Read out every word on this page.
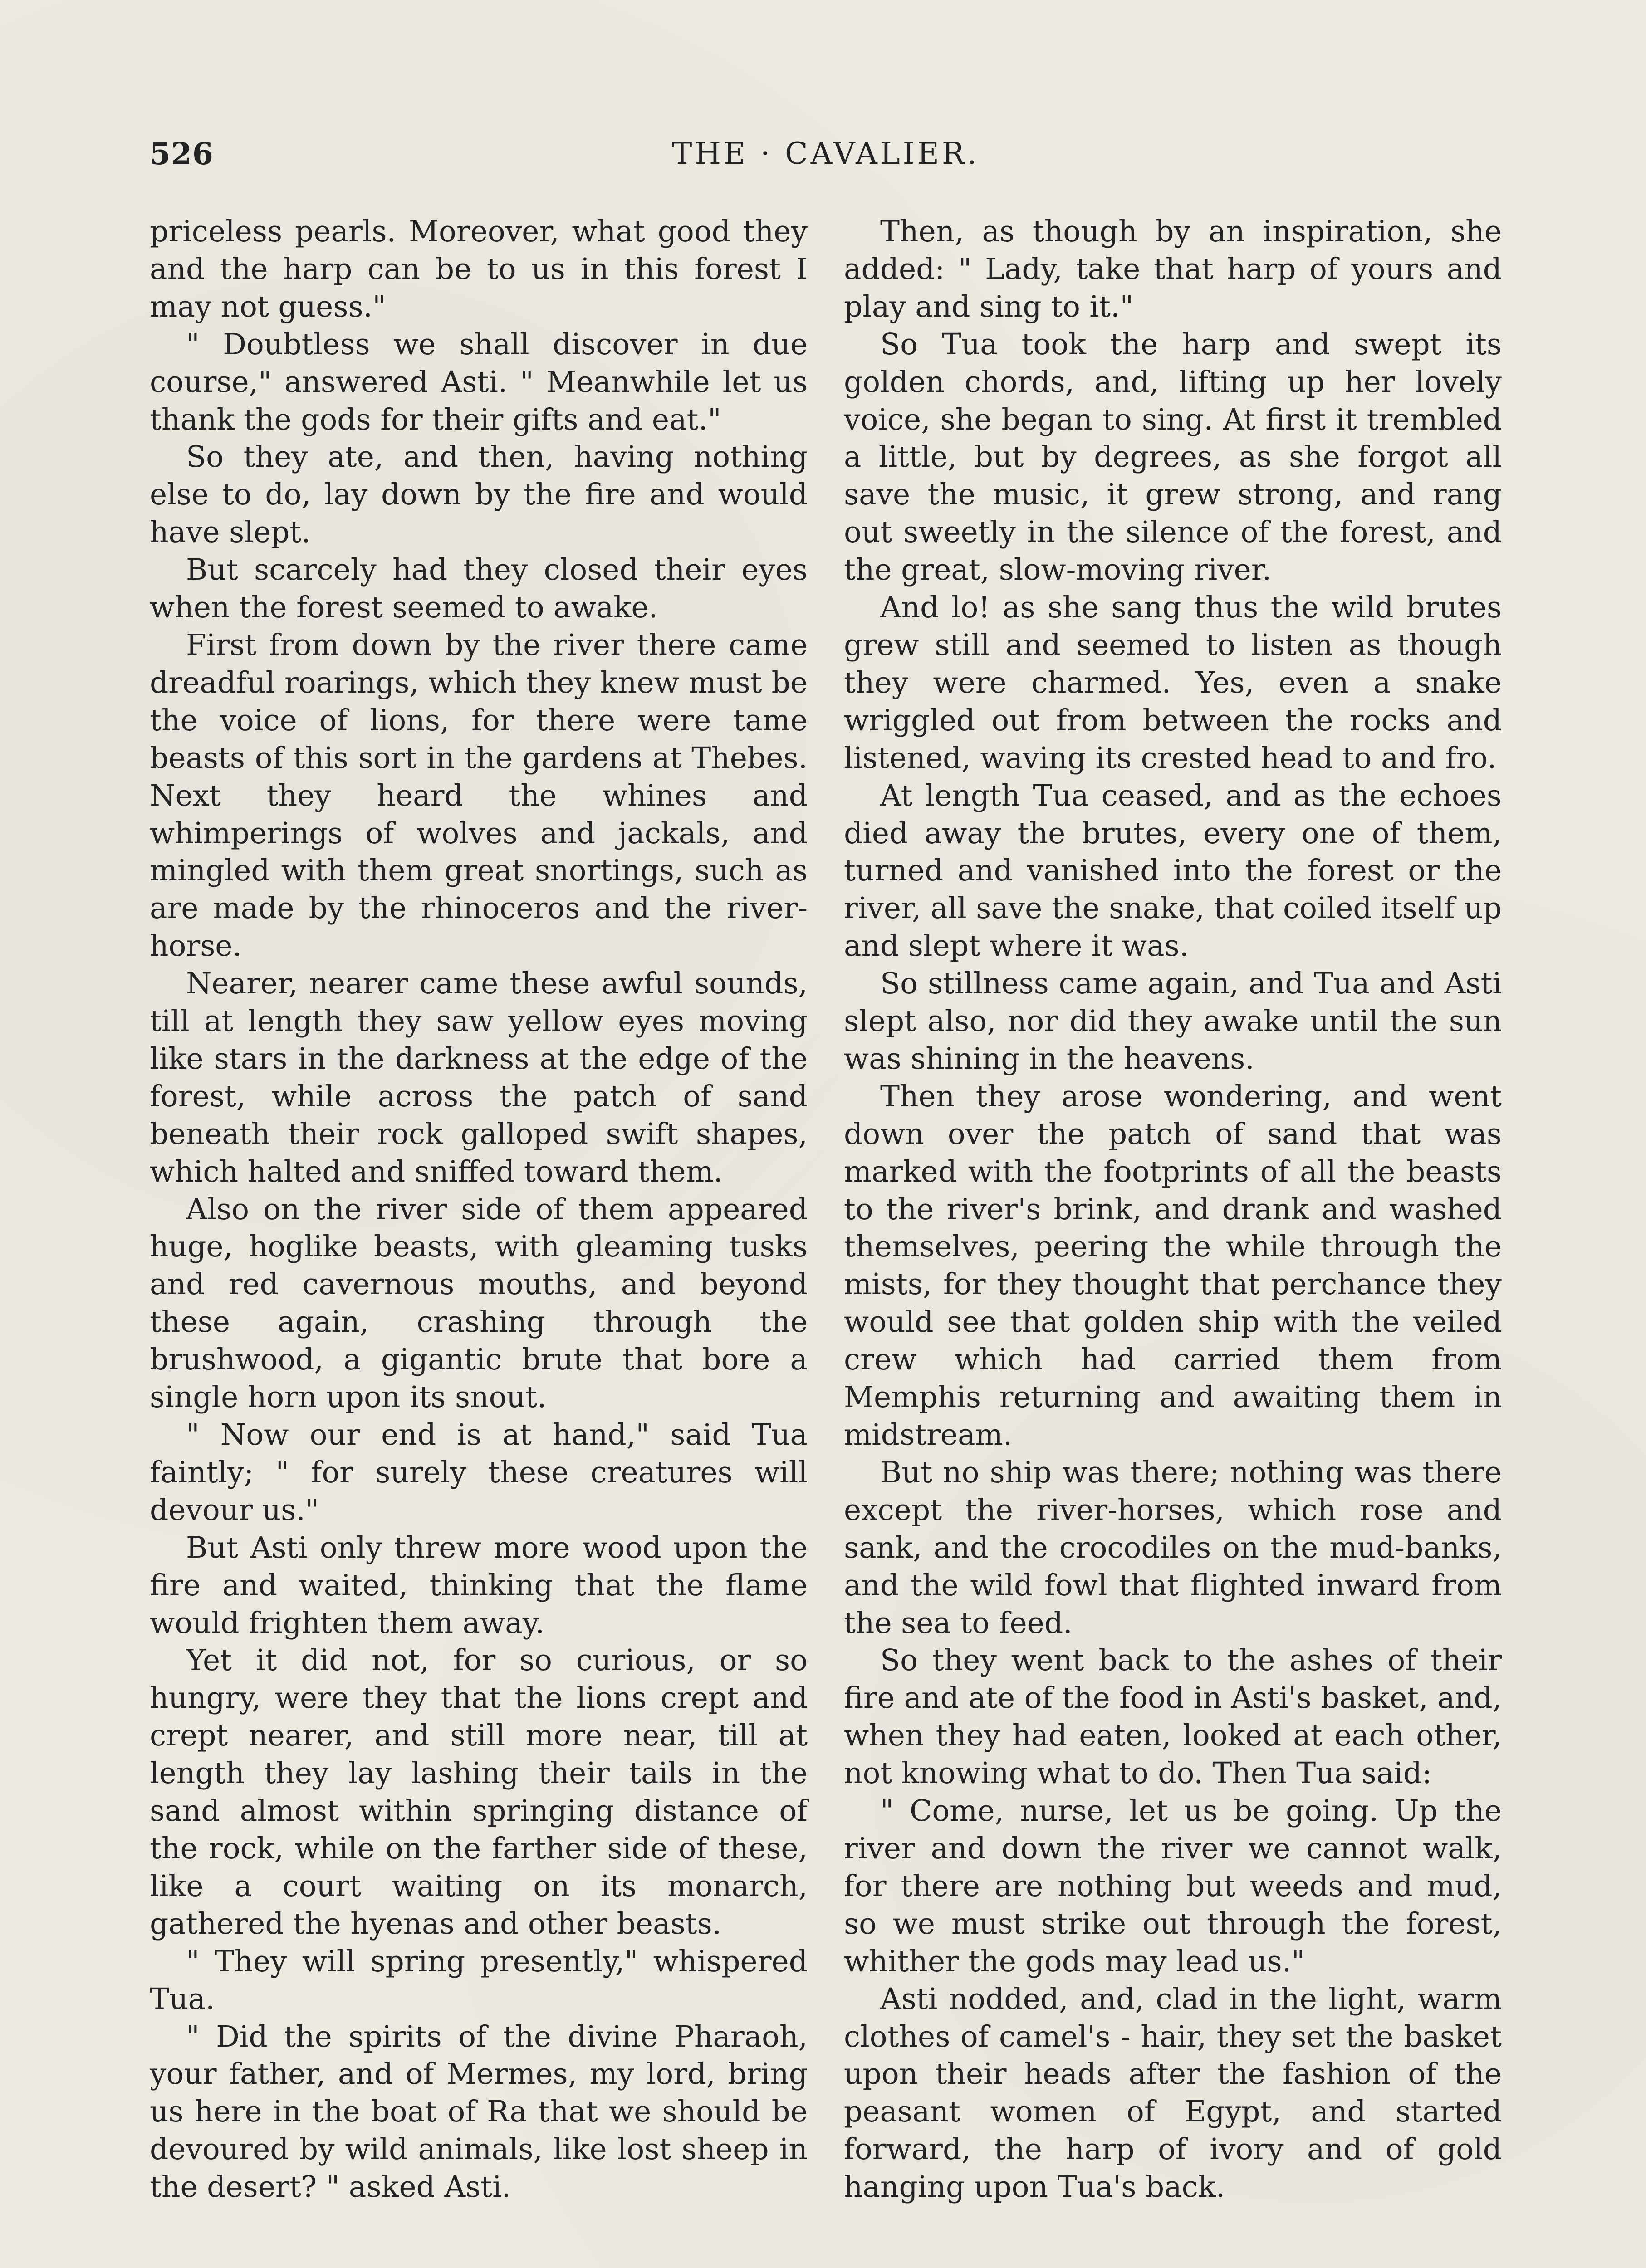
THE · CAVALIER.
526

priceless pearls. Moreover, what good they and the harp can be to us in this forest I may not guess."

" Doubtless we shall discover in due course," answered Asti. " Meanwhile let us thank the gods for their gifts and eat."

So they ate, and then, having nothing else to do, lay down by the fire and would have slept.

But scarcely had they closed their eyes when the forest seemed to awake.

First from down by the river there came dreadful roarings, which they knew must be the voice of lions, for there were tame beasts of this sort in the gardens at Thebes. Next they heard the whines and whimperings of wolves and jackals, and mingled with them great snortings, such as are made by the rhinoceros and the river-horse.

Nearer, nearer came these awful sounds, till at length they saw yellow eyes moving like stars in the darkness at the edge of the forest, while across the patch of sand beneath their rock galloped swift shapes, which halted and sniffed toward them.

Also on the river side of them appeared huge, hoglike beasts, with gleaming tusks and red cavernous mouths, and beyond these again, crashing through the brushwood, a gigantic brute that bore a single horn upon its snout.

" Now our end is at hand," said Tua faintly; " for surely these creatures will devour us."

But Asti only threw more wood upon the fire and waited, thinking that the flame would frighten them away.

Yet it did not, for so curious, or so hungry, were they that the lions crept and crept nearer, and still more near, till at length they lay lashing their tails in the sand almost within springing distance of the rock, while on the farther side of these, like a court waiting on its monarch, gathered the hyenas and other beasts.

" They will spring presently," whispered Tua.

" Did the spirits of the divine Pharaoh, your father, and of Mermes, my lord, bring us here in the boat of Ra that we should be devoured by wild animals, like lost sheep in the desert? " asked Asti.

Then, as though by an inspiration, she added: " Lady, take that harp of yours and play and sing to it."

So Tua took the harp and swept its golden chords, and, lifting up her lovely voice, she began to sing. At first it trembled a little, but by degrees, as she forgot all save the music, it grew strong, and rang out sweetly in the silence of the forest, and the great, slow-moving river.

And lo! as she sang thus the wild brutes grew still and seemed to listen as though they were charmed. Yes, even a snake wriggled out from between the rocks and listened, waving its crested head to and fro.

At length Tua ceased, and as the echoes died away the brutes, every one of them, turned and vanished into the forest or the river, all save the snake, that coiled itself up and slept where it was.

So stillness came again, and Tua and Asti slept also, nor did they awake until the sun was shining in the heavens.

Then they arose wondering, and went down over the patch of sand that was marked with the footprints of all the beasts to the river's brink, and drank and washed themselves, peering the while through the mists, for they thought that perchance they would see that golden ship with the veiled crew which had carried them from Memphis returning and awaiting them in midstream.

But no ship was there; nothing was there except the river-horses, which rose and sank, and the crocodiles on the mud-banks, and the wild fowl that flighted inward from the sea to feed.

So they went back to the ashes of their fire and ate of the food in Asti's basket, and, when they had eaten, looked at each other, not knowing what to do. Then Tua said:

" Come, nurse, let us be going. Up the river and down the river we cannot walk, for there are nothing but weeds and mud, so we must strike out through the forest, whither the gods may lead us."

Asti nodded, and, clad in the light, warm clothes of camel's - hair, they set the basket upon their heads after the fashion of the peasant women of Egypt, and started forward, the harp of ivory and of gold hanging upon Tua's back.
